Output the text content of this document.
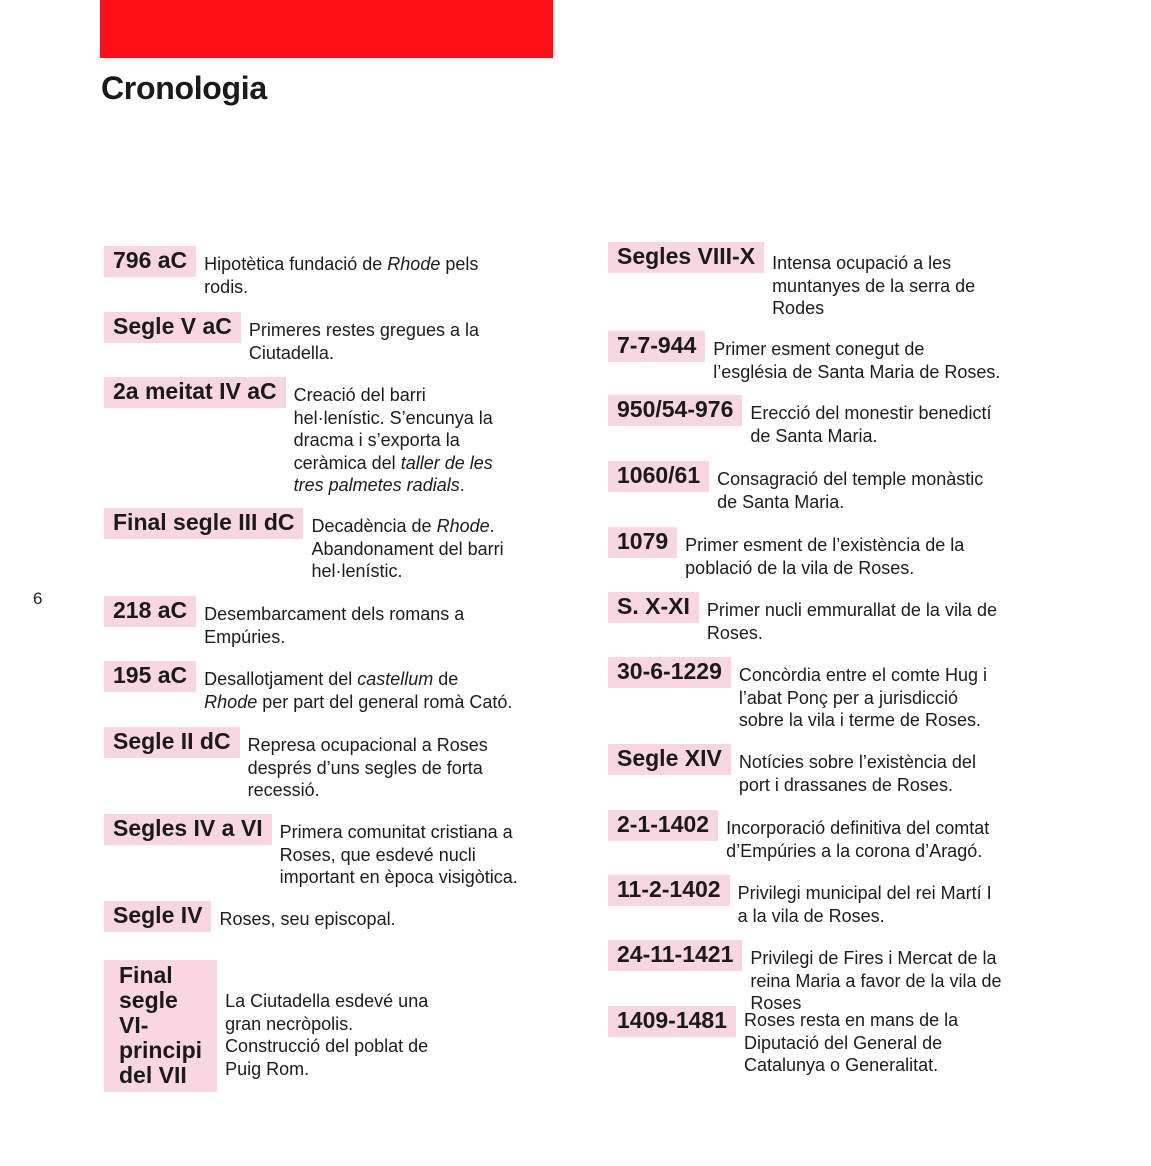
Cronologia
6
796 aC Hipotètica fundació de Rhode pels
rodis.
Segle V aC Primeres restes gregues a la
Ciutadella.
2a meitat IV aC Creació del barri
hel·lenístic. S’encunya la
dracma i s’exporta la
ceràmica del taller de les
tres palmetes radials.
Final segle III dC Decadència de Rhode.
Abandonament del barri
hel·lenístic.
218 aC Desembarcament dels romans a
Empúries.
195 aC Desallotjament del castellum de
Rhode per part del general romà Cató.
Segle II dC Represa ocupacional a Roses
després d’uns segles de forta
recessió.
Segles IV a VI Primera comunitat cristiana a
Roses, que esdevé nucli
important en època visigòtica.
Segle IV Roses, seu episcopal.
Final segle VI-
principi del VII
La Ciutadella esdevé una
gran necròpolis.
Construcció del poblat de
Puig Rom.
Segles VIII-X Intensa ocupació a les
muntanyes de la serra de
Rodes
7-7-944 Primer esment conegut de
l’església de Santa Maria de Roses.
950/54-976 Erecció del monestir benedictí
de Santa Maria.
1060/61 Consagració del temple monàstic
de Santa Maria.
1079 Primer esment de l’existència de la
població de la vila de Roses.
S. X-XI Primer nucli emmurallat de la vila de
Roses.
30-6-1229 Concòrdia entre el comte Hug i
l’abat Ponç per a jurisdicció
sobre la vila i terme de Roses.
Segle XIV Notícies sobre l’existència del
port i drassanes de Roses.
2-1-1402 Incorporació definitiva del comtat
d’Empúries a la corona d’Aragó.
11-2-1402 Privilegi municipal del rei Martí I
a la vila de Roses.
24-11-1421 Privilegi de Fires i Mercat de la
reina Maria a favor de la vila de
Roses
1409-1481 Roses resta en mans de la
Diputació del General de
Catalunya o Generalitat.
